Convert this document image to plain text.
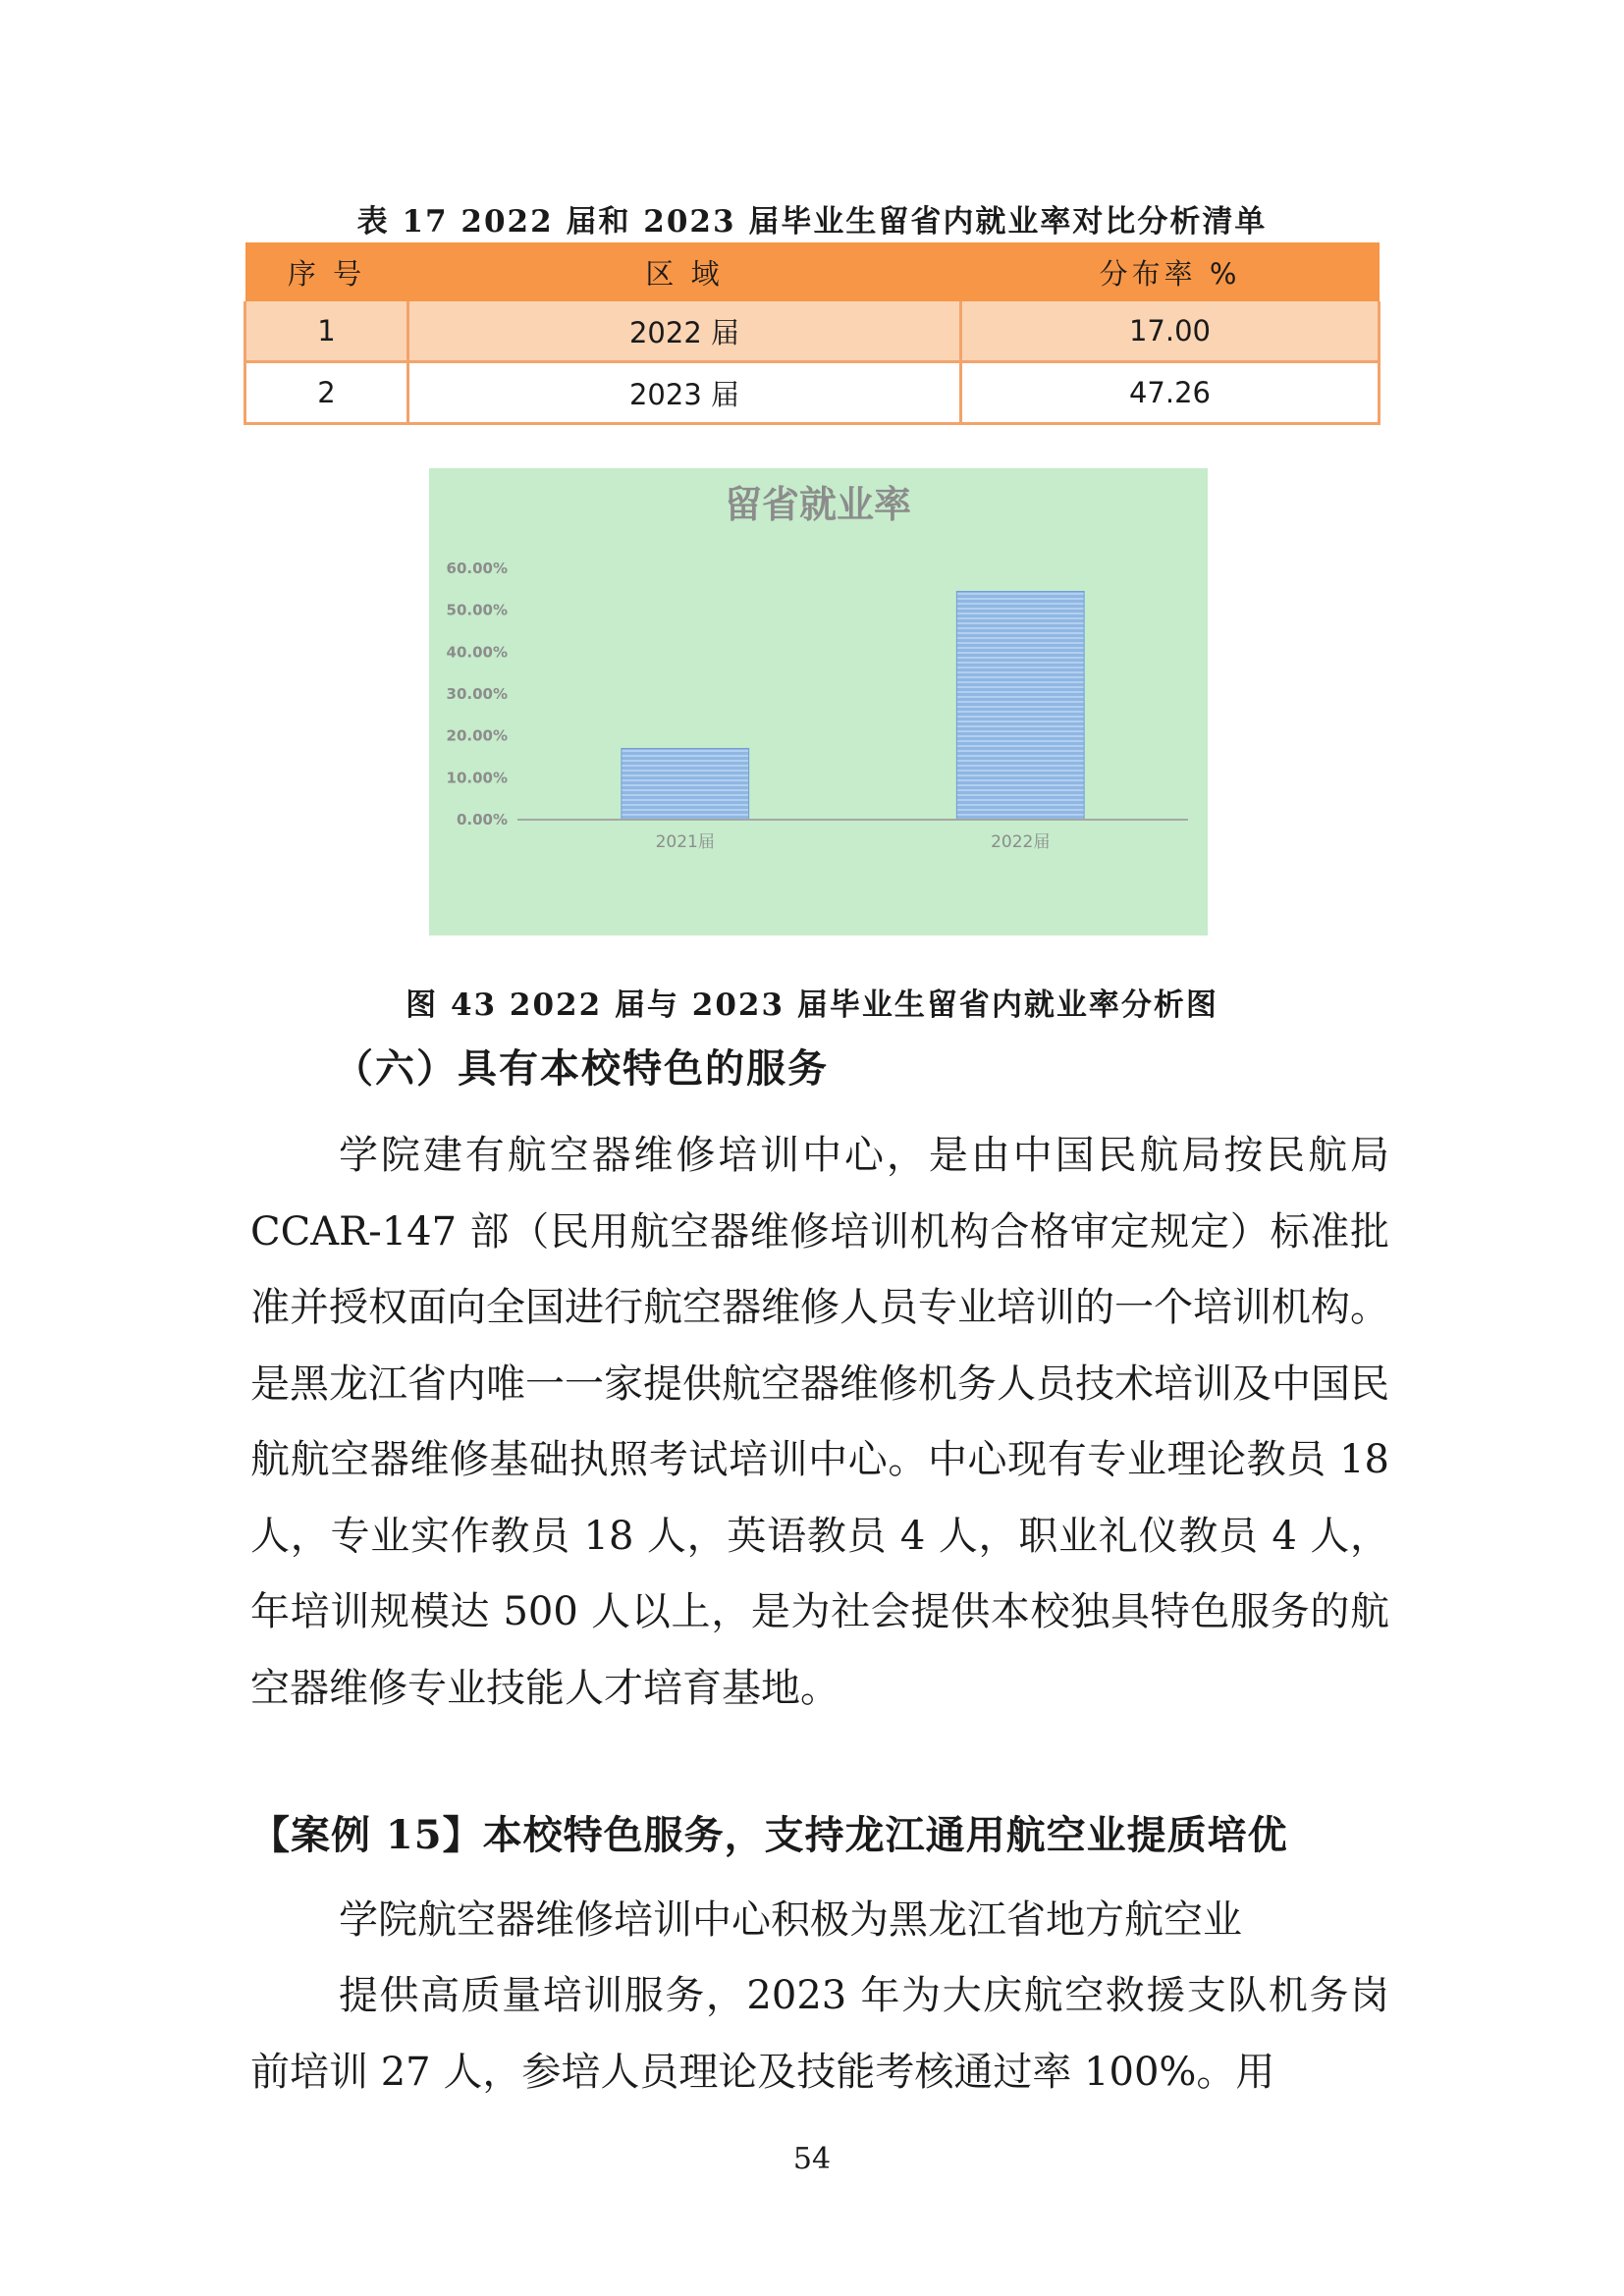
表 17 2022 届和 2023 届毕业生留省内就业率对比分析清单
序 号	区 域	分布率 %
1	2022 届	17.00
2	2023 届	47.26
留省就业率
0.00%
10.00%
20.00%
30.00%
40.00%
50.00%
60.00%
2021届	2022届
图 43 2022 届与 2023 届毕业生留省内就业率分析图
（六）具有本校特色的服务

学院建有航空器维修培训中心，是由中国民航局按民航局 CCAR-147 部（民用航空器维修培训机构合格审定规定）标准批准并授权面向全国进行航空器维修人员专业培训的一个培训机构。是黑龙江省内唯一一家提供航空器维修机务人员技术培训及中国民航航空器维修基础执照考试培训中心。中心现有专业理论教员 18 人，专业实作教员 18 人，英语教员 4 人，职业礼仪教员 4 人，年培训规模达 500 人以上，是为社会提供本校独具特色服务的航空器维修专业技能人才培育基地。

【案例 15】本校特色服务，支持龙江通用航空业提质培优

学院航空器维修培训中心积极为黑龙江省地方航空业

提供高质量培训服务，2023 年为大庆航空救援支队机务岗前培训 27 人，参培人员理论及技能考核通过率 100%。用

54
